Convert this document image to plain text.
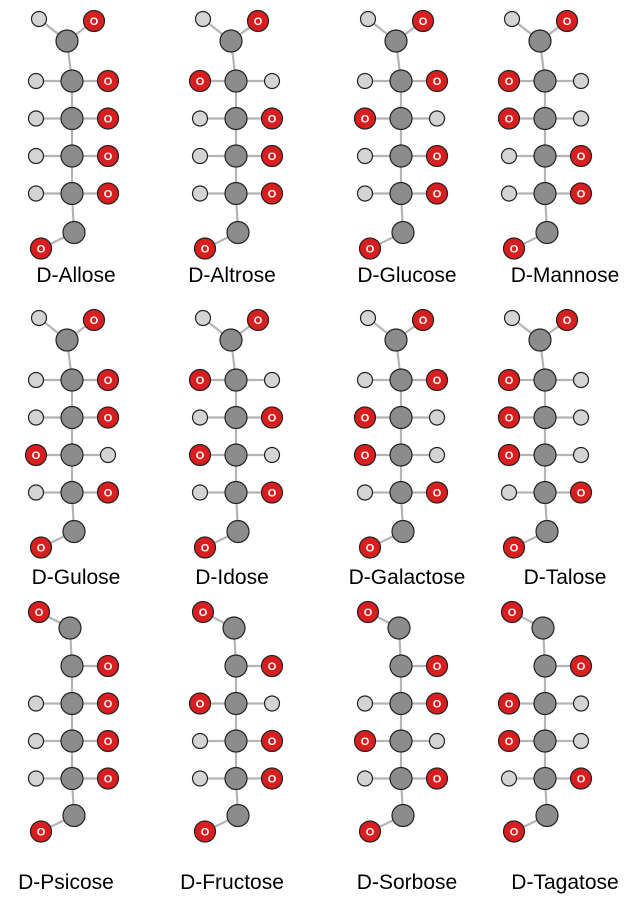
O
O
O
O
O
O
O
O
O
O
O
O
O
O
O
O
O
O
O
O
O
O
O
O
O
O
O
O
O
O
O
O
O
O
O
O
O
O
O
O
O
O
O
O
O
O
O
O
O
O
O
O
O
O
O
O
O
O
O
O
O
O
O
O
O
O
O
O
O
O
O
O
D-Allose	D-Altrose	D-Glucose	D-Mannose
D-Gulose	D-Idose	D-Galactose	D-Talose
D-Psicose	D-Fructose	D-Sorbose	D-Tagatose
